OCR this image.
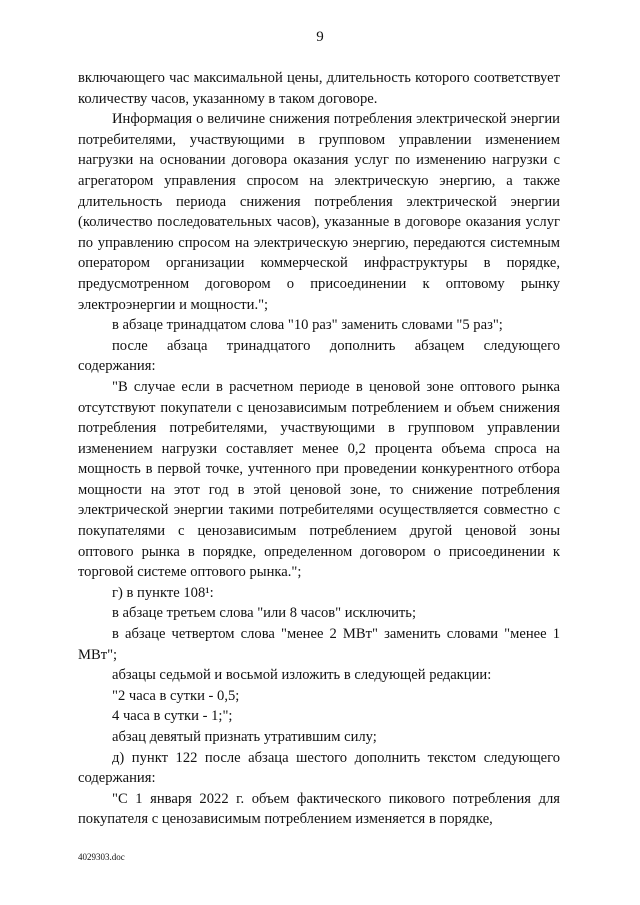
9

включающего час максимальной цены, длительность которого соответствует количеству часов, указанному в таком договоре.

Информация о величине снижения потребления электрической энергии потребителями, участвующими в групповом управлении изменением нагрузки на основании договора оказания услуг по изменению нагрузки с агрегатором управления спросом на электрическую энергию, а также длительность периода снижения потребления электрической энергии (количество последовательных часов), указанные в договоре оказания услуг по управлению спросом на электрическую энергию, передаются системным оператором организации коммерческой инфраструктуры в порядке, предусмотренном договором о присоединении к оптовому рынку электроэнергии и мощности.";

в абзаце тринадцатом слова "10 раз" заменить словами "5 раз";

после абзаца тринадцатого дополнить абзацем следующего содержания:

"В случае если в расчетном периоде в ценовой зоне оптового рынка отсутствуют покупатели с ценозависимым потреблением и объем снижения потребления потребителями, участвующими в групповом управлении изменением нагрузки составляет менее 0,2 процента объема спроса на мощность в первой точке, учтенного при проведении конкурентного отбора мощности на этот год в этой ценовой зоне, то снижение потребления электрической энергии такими потребителями осуществляется совместно с покупателями с ценозависимым потреблением другой ценовой зоны оптового рынка в порядке, определенном договором о присоединении к торговой системе оптового рынка.";

г) в пункте 108¹:

в абзаце третьем слова "или 8 часов" исключить;

в абзаце четвертом слова "менее 2 МВт" заменить словами "менее 1 МВт";

абзацы седьмой и восьмой изложить в следующей редакции:

"2 часа в сутки - 0,5;

4 часа в сутки - 1;";

абзац девятый признать утратившим силу;

д) пункт 122 после абзаца шестого дополнить текстом следующего содержания:

"С 1 января 2022 г. объем фактического пикового потребления для покупателя с ценозависимым потреблением изменяется в порядке,

4029303.doc
